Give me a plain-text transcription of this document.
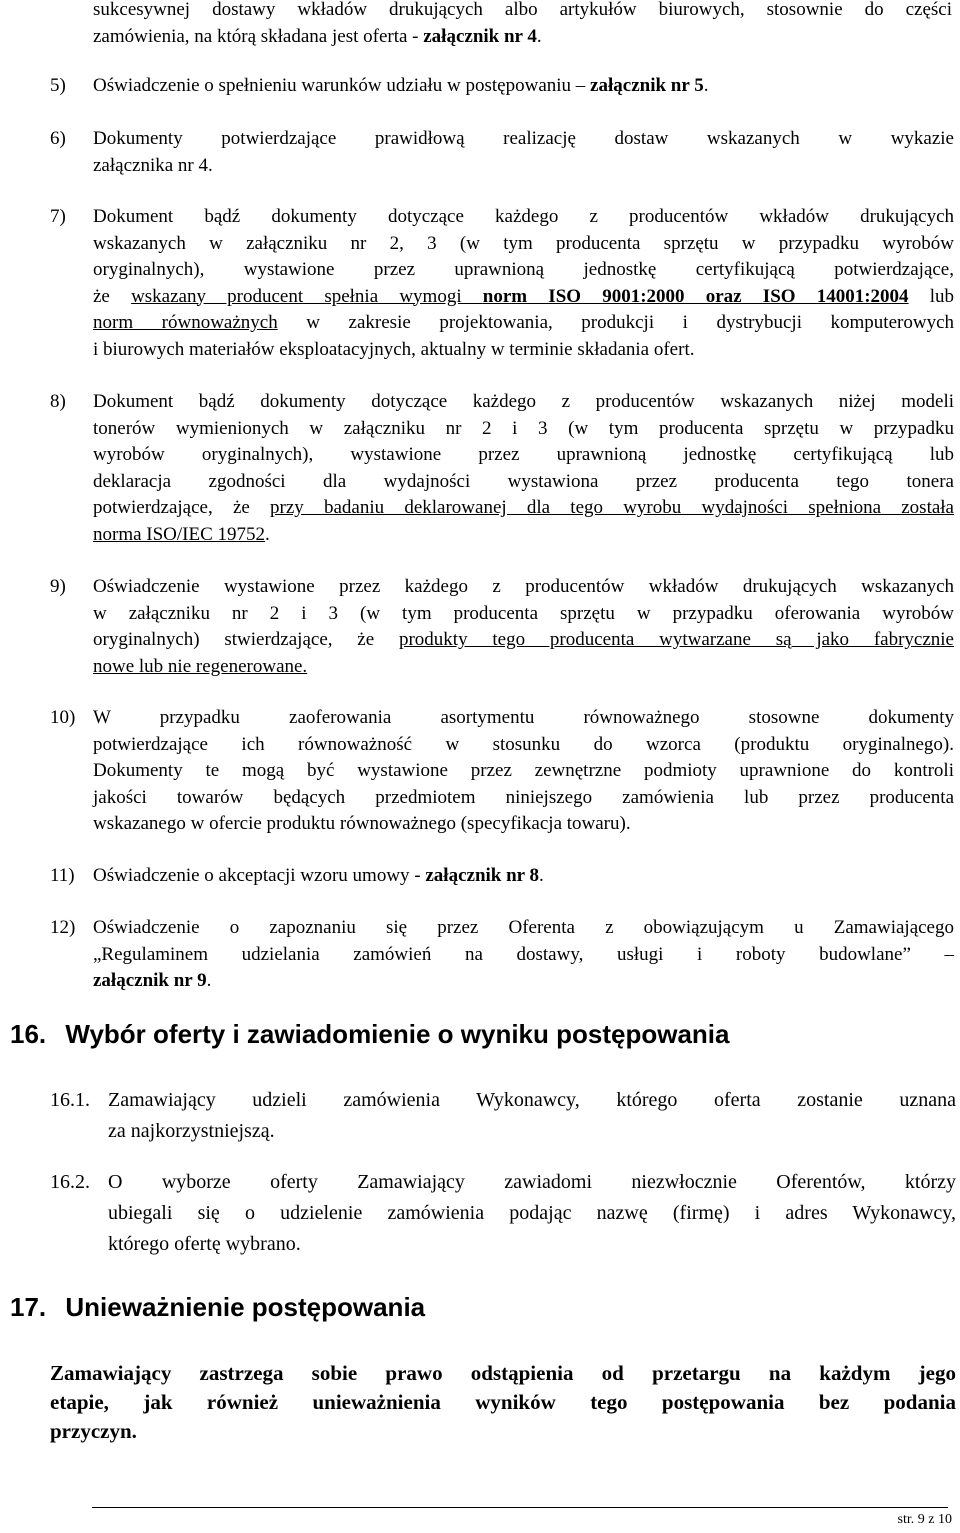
sukcesywnej dostawy wkładów drukujących albo artykułów biurowych, stosownie do części
zamówienia, na którą składana jest oferta - załącznik nr 4.
5)	Oświadczenie o spełnieniu warunków udziału w postępowaniu – załącznik nr 5.
6)	Dokumenty potwierdzające prawidłową realizację dostaw wskazanych w wykazie
załącznika nr 4.
7)	Dokument bądź dokumenty dotyczące każdego z producentów wkładów drukujących
wskazanych w załączniku nr 2, 3 (w tym producenta sprzętu w przypadku wyrobów
oryginalnych), wystawione przez uprawnioną jednostkę certyfikującą potwierdzające,
że wskazany producent spełnia wymogi norm ISO 9001:2000 oraz ISO 14001:2004 lub
norm równoważnych w zakresie projektowania, produkcji i dystrybucji komputerowych
i biurowych materiałów eksploatacyjnych, aktualny w terminie składania ofert.
8)	Dokument bądź dokumenty dotyczące każdego z producentów wskazanych niżej modeli
tonerów wymienionych w załączniku nr 2 i 3 (w tym producenta sprzętu w przypadku
wyrobów oryginalnych), wystawione przez uprawnioną jednostkę certyfikującą lub
deklaracja zgodności dla wydajności wystawiona przez producenta tego tonera
potwierdzające, że przy badaniu deklarowanej dla tego wyrobu wydajności spełniona została
norma ISO/IEC 19752.
9)	Oświadczenie wystawione przez każdego z producentów wkładów drukujących wskazanych
w załączniku nr 2 i 3 (w tym producenta sprzętu w przypadku oferowania wyrobów
oryginalnych) stwierdzające, że produkty tego producenta wytwarzane są jako fabrycznie
nowe lub nie regenerowane.
10) W przypadku zaoferowania asortymentu równoważnego stosowne dokumenty
potwierdzające ich równoważność w stosunku do wzorca (produktu oryginalnego).
Dokumenty te mogą być wystawione przez zewnętrzne podmioty uprawnione do kontroli
jakości towarów będących przedmiotem niniejszego zamówienia lub przez producenta
wskazanego w ofercie produktu równoważnego (specyfikacja towaru).
11) Oświadczenie o akceptacji wzoru umowy - załącznik nr 8.
12) Oświadczenie o zapoznaniu się przez Oferenta z obowiązującym u Zamawiającego
„Regulaminem udzielania zamówień na dostawy, usługi i roboty budowlane” –
załącznik nr 9.
16. Wybór oferty i zawiadomienie o wyniku postępowania
16.1. Zamawiający udzieli zamówienia Wykonawcy, którego oferta zostanie uznana
za najkorzystniejszą.
16.2. O wyborze oferty Zamawiający zawiadomi niezwłocznie Oferentów, którzy
ubiegali się o udzielenie zamówienia podając nazwę (firmę) i adres Wykonawcy,
którego ofertę wybrano.
17. Unieważnienie postępowania
Zamawiający zastrzega sobie prawo odstąpienia od przetargu na każdym jego
etapie, jak również unieważnienia wyników tego postępowania bez podania
przyczyn.
str. 9 z 10
